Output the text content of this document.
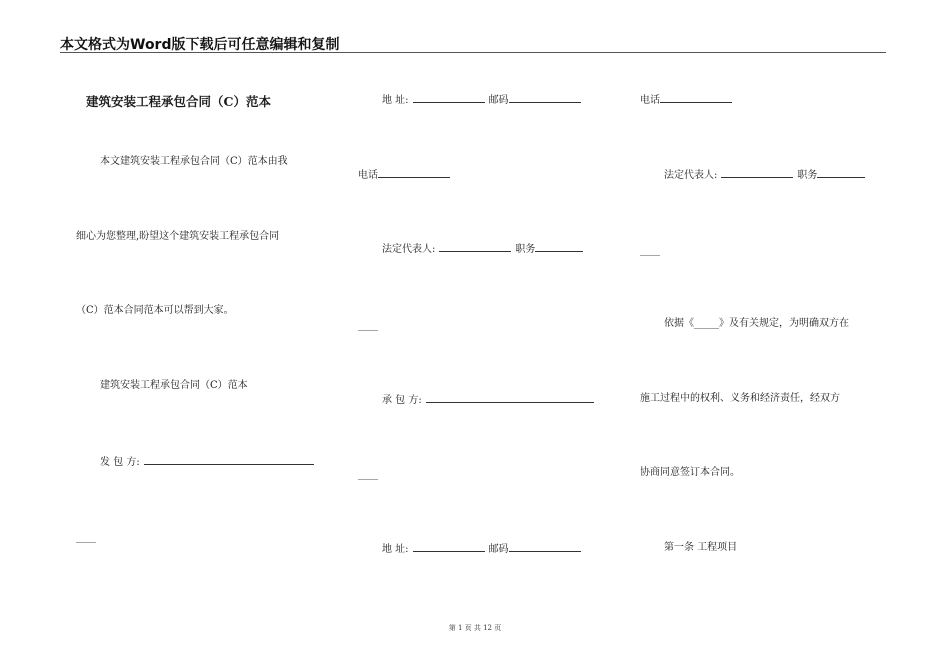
本文格式为Word版下载后可任意编辑和复制
建筑安装工程承包合同（C）范本
本文建筑安装工程承包合同（C）范本由我
细心为您整理,盼望这个建筑安装工程承包合同
（C）范本合同范本可以帮到大家。
建筑安装工程承包合同（C）范本
发 包 方:
____
地 址:	邮码
电话
法定代表人:	职务
____
承 包 方:
____
地 址:	邮码
电话
法定代表人:	职务
____
依据《_____》及有关规定，为明确双方在
施工过程中的权利、义务和经济责任，经双方
协商同意签订本合同。
第一条 工程项目
第 1 页 共 12 页
